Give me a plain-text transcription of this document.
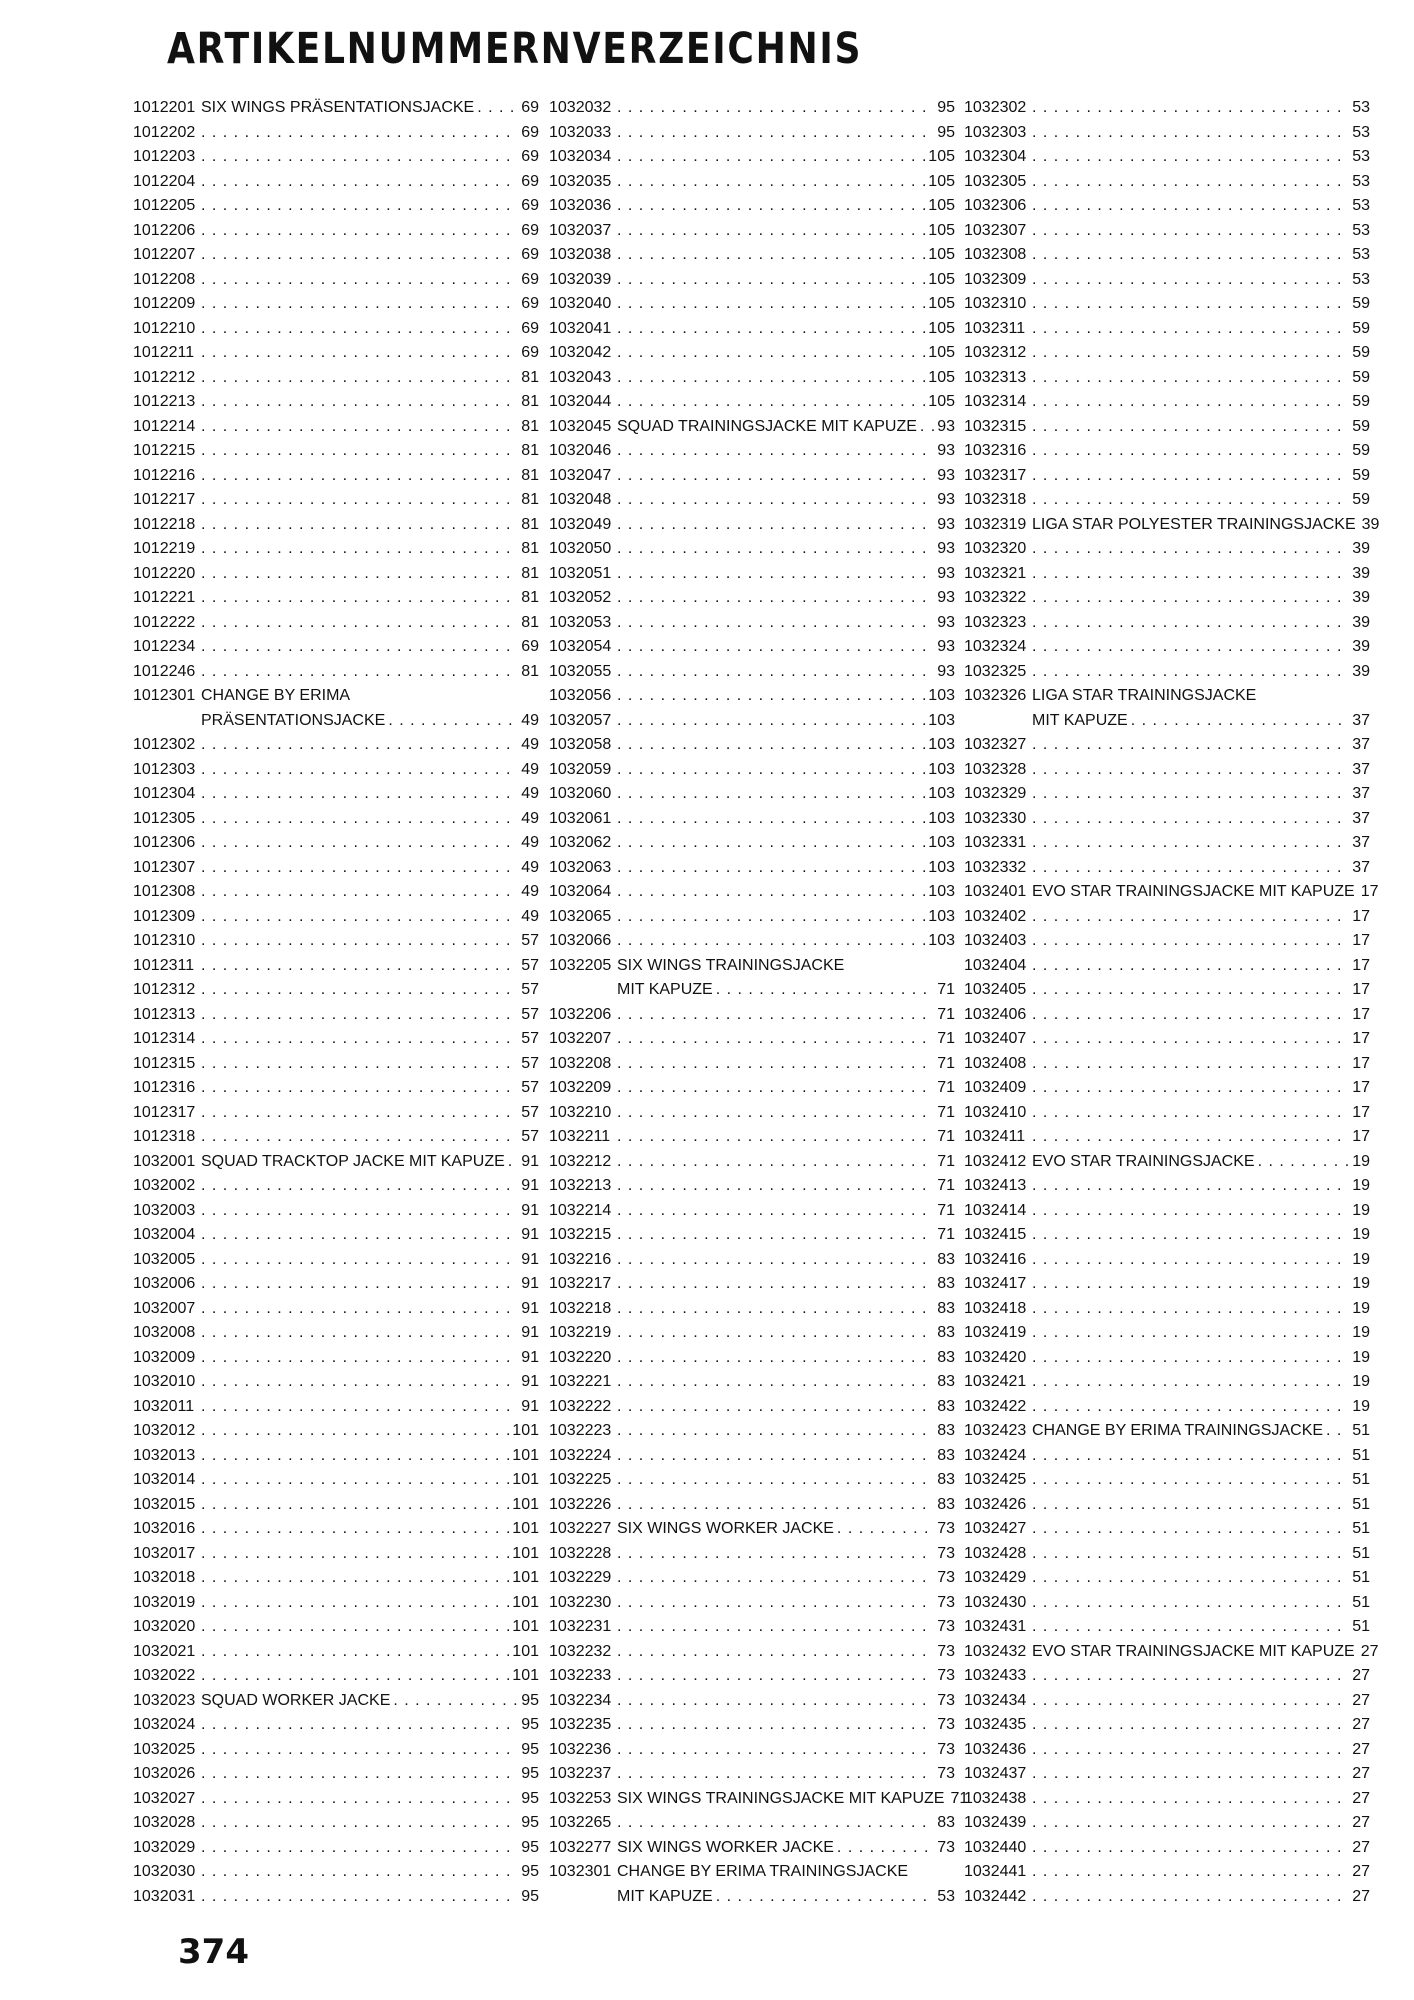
ARTIKELNUMMERNVERZEICHNIS
1012201 SIX WINGS PRÄSENTATIONSJACKE . . .	69
1012202 . . .	69
1012203 . . .	69
1012204 . . .	69
1012205 . . .	69
1012206 . . .	69
1012207 . . .	69
1012208 . . .	69
1012209 . . .	69
1012210 . . .	69
1012211 . . .	69
1012212 . . .	81
1012213 . . .	81
1012214 . . .	81
1012215 . . .	81
1012216 . . .	81
1012217 . . .	81
1012218 . . .	81
1012219 . . .	81
1012220 . . .	81
1012221 . . .	81
1012222 . . .	81
1012234 . . .	69
1012246 . . .	81
1012301 CHANGE BY ERIMA
PRÄSENTATIONSJACKE . . .	49
1012302 . . .	49
1012303 . . .	49
1012304 . . .	49
1012305 . . .	49
1012306 . . .	49
1012307 . . .	49
1012308 . . .	49
1012309 . . .	49
1012310 . . .	57
1012311 . . .	57
1012312 . . .	57
1012313 . . .	57
1012314 . . .	57
1012315 . . .	57
1012316 . . .	57
1012317 . . .	57
1012318 . . .	57
1032001 SQUAD TRACKTOP JACKE MIT KAPUZE . . . 91
1032002 . . .	91
1032003 . . .	91
1032004 . . .	91
1032005 . . .	91
1032006 . . .	91
1032007 . . .	91
1032008 . . .	91
1032009 . . .	91
1032010 . . .	91
1032011 . . .	91
1032012 . . .	101
1032013 . . .	101
1032014 . . .	101
1032015 . . .	101
1032016 . . .	101
1032017 . . .	101
1032018 . . .	101
1032019 . . .	101
1032020 . . .	101
1032021 . . .	101
1032022 . . .	101
1032023 SQUAD WORKER JACKE . . .	95
1032024 . . .	95
1032025 . . .	95
1032026 . . .	95
1032027 . . .	95
1032028 . . .	95
1032029 . . .	95
1032030 . . .	95
1032031 . . .	95
1032032 . . .	95
1032033 . . .	95
1032034 . . .	105
1032035 . . .	105
1032036 . . .	105
1032037 . . .	105
1032038 . . .	105
1032039 . . .	105
1032040 . . .	105
1032041 . . .	105
1032042 . . .	105
1032043 . . .	105
1032044 . . .	105
1032045 SQUAD TRAININGSJACKE MIT KAPUZE . . . 93
1032046 . . .	93
1032047 . . .	93
1032048 . . .	93
1032049 . . .	93
1032050 . . .	93
1032051 . . .	93
1032052 . . .	93
1032053 . . .	93
1032054 . . .	93
1032055 . . .	93
1032056 . . .	103
1032057 . . .	103
1032058 . . .	103
1032059 . . .	103
1032060 . . .	103
1032061 . . .	103
1032062 . . .	103
1032063 . . .	103
1032064 . . .	103
1032065 . . .	103
1032066 . . .	103
1032205 SIX WINGS TRAININGSJACKE
MIT KAPUZE . . .	71
1032206 . . .	71
1032207 . . .	71
1032208 . . .	71
1032209 . . .	71
1032210 . . .	71
1032211 . . .	71
1032212 . . .	71
1032213 . . .	71
1032214 . . .	71
1032215 . . .	71
1032216 . . .	83
1032217 . . .	83
1032218 . . .	83
1032219 . . .	83
1032220 . . .	83
1032221 . . .	83
1032222 . . .	83
1032223 . . .	83
1032224 . . .	83
1032225 . . .	83
1032226 . . .	83
1032227 SIX WINGS WORKER JACKE . . .	73
1032228 . . .	73
1032229 . . .	73
1032230 . . .	73
1032231 . . .	73
1032232 . . .	73
1032233 . . .	73
1032234 . . .	73
1032235 . . .	73
1032236 . . .	73
1032237 . . .	73
1032253 SIX WINGS TRAININGSJACKE MIT KAPUZE 71
1032265 . . .	83
1032277 SIX WINGS WORKER JACKE . . .	73
1032301 CHANGE BY ERIMA TRAININGSJACKE
MIT KAPUZE . . .	53
1032302 . . .	53
1032303 . . .	53
1032304 . . .	53
1032305 . . .	53
1032306 . . .	53
1032307 . . .	53
1032308 . . .	53
1032309 . . .	53
1032310 . . .	59
1032311 . . .	59
1032312 . . .	59
1032313 . . .	59
1032314 . . .	59
1032315 . . .	59
1032316 . . .	59
1032317 . . .	59
1032318 . . .	59
1032319 LIGA STAR POLYESTER TRAININGSJACKE 39
1032320 . . .	39
1032321 . . .	39
1032322 . . .	39
1032323 . . .	39
1032324 . . .	39
1032325 . . .	39
1032326 LIGA STAR TRAININGSJACKE
MIT KAPUZE . . .	37
1032327 . . .	37
1032328 . . .	37
1032329 . . .	37
1032330 . . .	37
1032331 . . .	37
1032332 . . .	37
1032401 EVO STAR TRAININGSJACKE MIT KAPUZE 17
1032402 . . .	17
1032403 . . .	17
1032404 . . .	17
1032405 . . .	17
1032406 . . .	17
1032407 . . .	17
1032408 . . .	17
1032409 . . .	17
1032410 . . .	17
1032411 . . .	17
1032412 EVO STAR TRAININGSJACKE . . .	19
1032413 . . .	19
1032414 . . .	19
1032415 . . .	19
1032416 . . .	19
1032417 . . .	19
1032418 . . .	19
1032419 . . .	19
1032420 . . .	19
1032421 . . .	19
1032422 . . .	19
1032423 CHANGE BY ERIMA TRAININGSJACKE . . . 51
1032424 . . .	51
1032425 . . .	51
1032426 . . .	51
1032427 . . .	51
1032428 . . .	51
1032429 . . .	51
1032430 . . .	51
1032431 . . .	51
1032432 EVO STAR TRAININGSJACKE MIT KAPUZE 27
1032433 . . .	27
1032434 . . .	27
1032435 . . .	27
1032436 . . .	27
1032437 . . .	27
1032438 . . .	27
1032439 . . .	27
1032440 . . .	27
1032441 . . .	27
1032442 . . .	27
374
